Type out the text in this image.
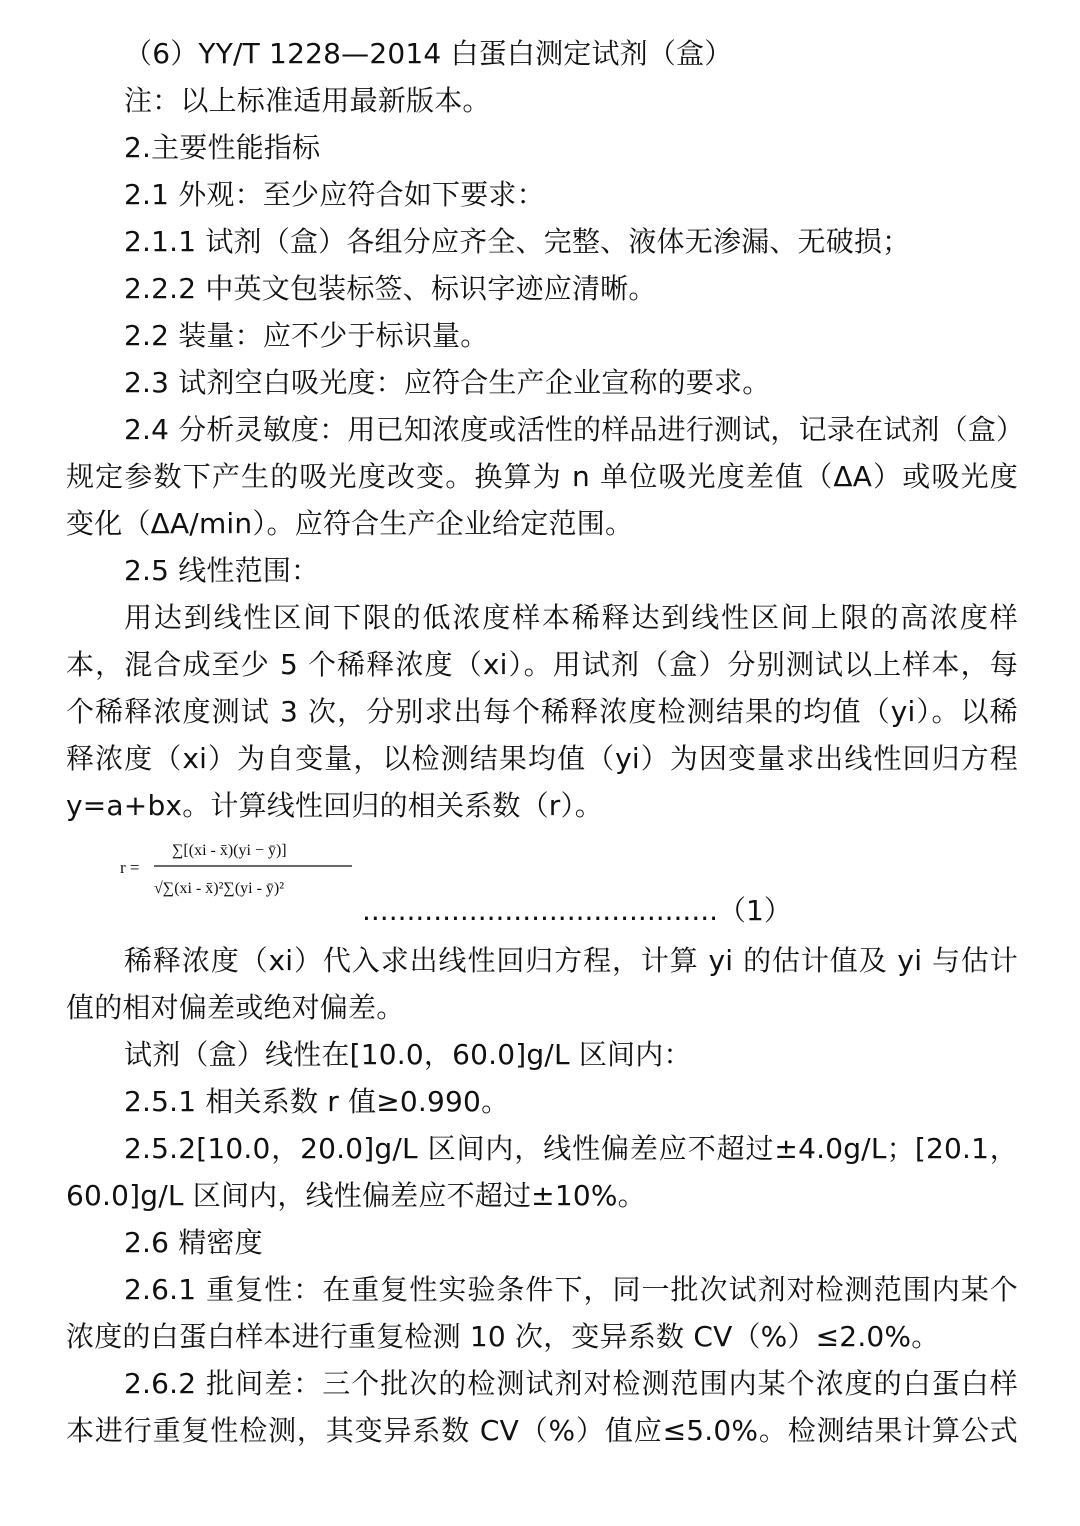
（6）YY/T 1228—2014 白蛋白测定试剂（盒）
注：以上标准适用最新版本。
2.主要性能指标
2.1 外观：至少应符合如下要求：
2.1.1 试剂（盒）各组分应齐全、完整、液体无渗漏、无破损；
2.2.2 中英文包装标签、标识字迹应清晰。
2.2 装量：应不少于标识量。
2.3 试剂空白吸光度：应符合生产企业宣称的要求。
2.4 分析灵敏度：用已知浓度或活性的样品进行测试，记录在试剂（盒）
规定参数下产生的吸光度改变。换算为 n 单位吸光度差值（ΔA）或吸光度
变化（ΔA/min）。应符合生产企业给定范围。
2.5 线性范围：
用达到线性区间下限的低浓度样本稀释达到线性区间上限的高浓度样
本，混合成至少 5 个稀释浓度（xi）。用试剂（盒）分别测试以上样本，每
个稀释浓度测试 3 次，分别求出每个稀释浓度检测结果的均值（yi）。以稀
释浓度（xi）为自变量，以检测结果均值（yi）为因变量求出线性回归方程
y=a+bx。计算线性回归的相关系数（r）。
r =
∑[(xi - x̄)(yi − ȳ)]
√∑(xi - x̄)²∑(yi - ȳ)²
........................................（1）
稀释浓度（xi）代入求出线性回归方程，计算 yi 的估计值及 yi 与估计
值的相对偏差或绝对偏差。
试剂（盒）线性在[10.0，60.0]g/L 区间内：
2.5.1 相关系数 r 值≥0.990。
2.5.2[10.0，20.0]g/L 区间内，线性偏差应不超过±4.0g/L；[20.1，
60.0]g/L 区间内，线性偏差应不超过±10%。
2.6 精密度
2.6.1 重复性：在重复性实验条件下，同一批次试剂对检测范围内某个
浓度的白蛋白样本进行重复检测 10 次，变异系数 CV（%）≤2.0%。
2.6.2 批间差：三个批次的检测试剂对检测范围内某个浓度的白蛋白样
本进行重复性检测，其变异系数 CV（%）值应≤5.0%。检测结果计算公式
